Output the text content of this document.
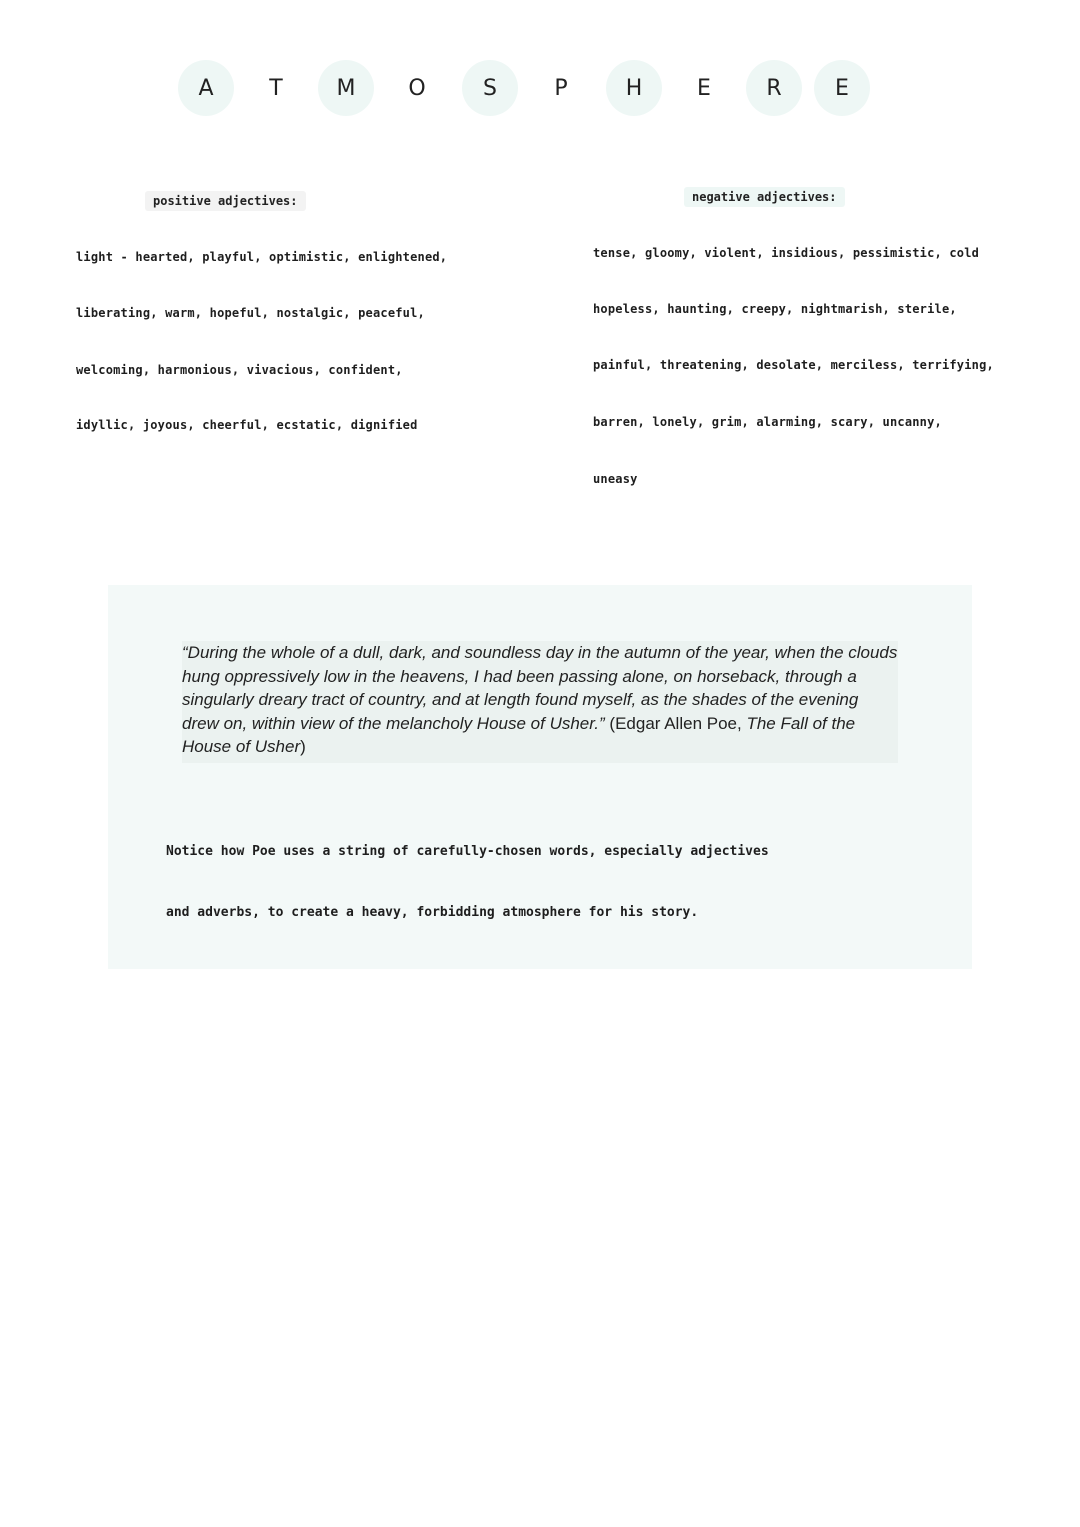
A	T	M	O	S	P	H	E	R	E
positive adjectives:	negative adjectives:
light - hearted, playful, optimistic, enlightened,
liberating, warm, hopeful, nostalgic, peaceful,
welcoming, harmonious, vivacious, confident,
idyllic, joyous, cheerful, ecstatic, dignified
tense, gloomy, violent, insidious, pessimistic, cold
hopeless, haunting, creepy, nightmarish, sterile,
painful, threatening, desolate, merciless, terrifying,
barren, lonely, grim, alarming, scary, uncanny,
uneasy
“During the whole of a dull, dark, and soundless day in the autumn of the year, when the clouds hung oppressively low in the heavens, I had been passing alone, on horseback, through a singularly dreary tract of country, and at length found myself, as the shades of the evening drew on, within view of the melancholy House of Usher.” (Edgar Allen Poe, The Fall of the House of Usher)
Notice how Poe uses a string of carefully-chosen words, especially adjectives
and adverbs, to create a heavy, forbidding atmosphere for his story.
